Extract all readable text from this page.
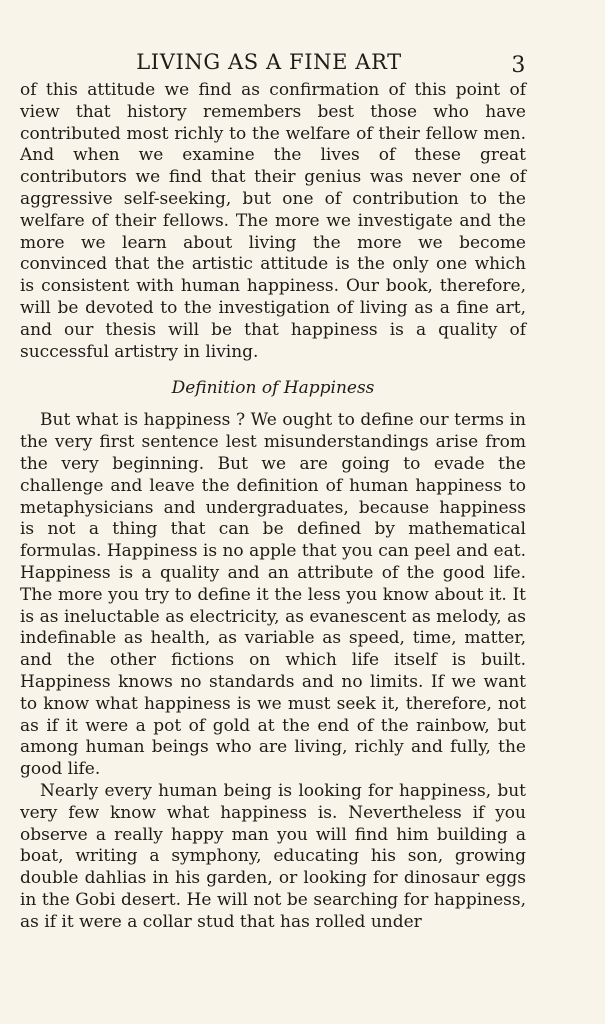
LIVING AS A FINE ART	3

of this attitude we find as confirmation of this point of view that history remembers best those who have contributed most richly to the welfare of their fellow men. And when we examine the lives of these great contributors we find that their genius was never one of aggressive self-seeking, but one of contribution to the welfare of their fellows. The more we investigate and the more we learn about living the more we become convinced that the artistic attitude is the only one which is consistent with human happiness. Our book, therefore, will be devoted to the investigation of living as a fine art, and our thesis will be that happiness is a quality of successful artistry in living.

Definition of Happiness

But what is happiness ? We ought to define our terms in the very first sentence lest misunderstandings arise from the very beginning. But we are going to evade the challenge and leave the definition of human happiness to metaphysicians and undergraduates, because happiness is not a thing that can be defined by mathematical formulas. Happiness is no apple that you can peel and eat. Happiness is a quality and an attribute of the good life. The more you try to define it the less you know about it. It is as ineluctable as electricity, as evanescent as melody, as indefinable as health, as variable as speed, time, matter, and the other fictions on which life itself is built. Happiness knows no standards and no limits. If we want to know what happiness is we must seek it, therefore, not as if it were a pot of gold at the end of the rainbow, but among human beings who are living, richly and fully, the good life.

Nearly every human being is looking for happiness, but very few know what happiness is. Nevertheless if you observe a really happy man you will find him building a boat, writing a symphony, educating his son, growing double dahlias in his garden, or looking for dinosaur eggs in the Gobi desert. He will not be searching for happiness, as if it were a collar stud that has rolled under
